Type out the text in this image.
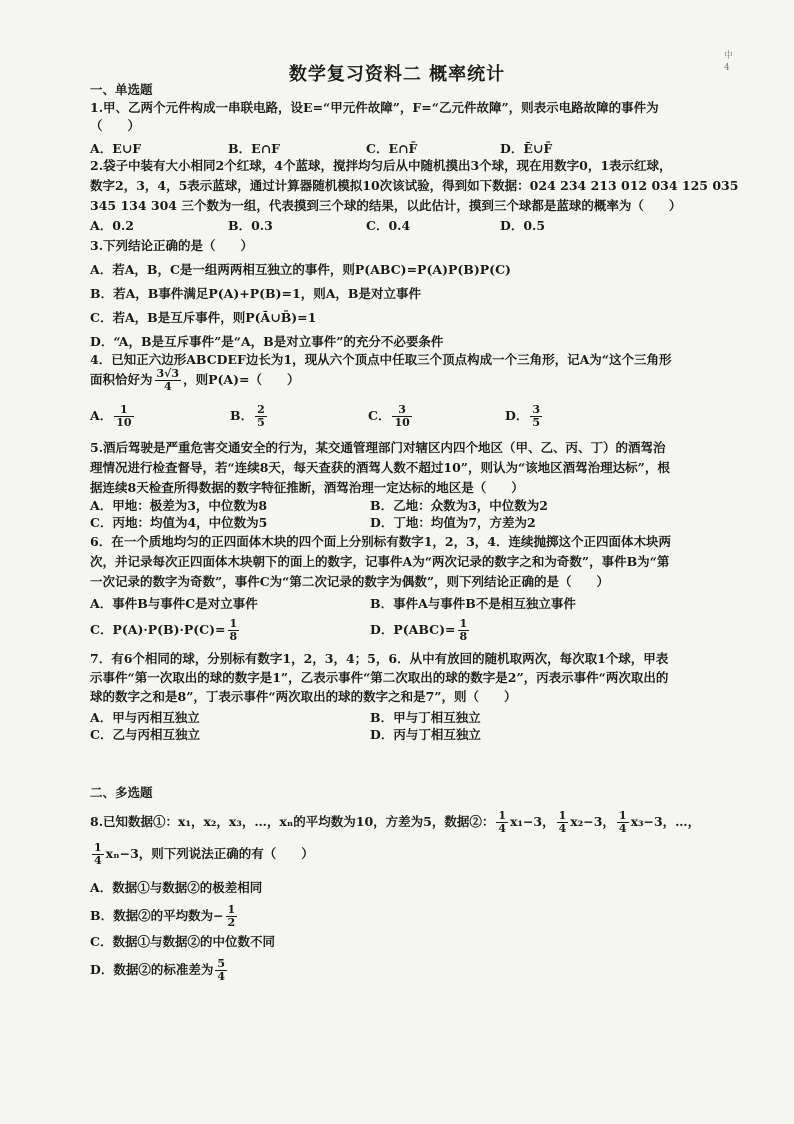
中
4
数学复习资料二 概率统计
一、单选题
1.甲、乙两个元件构成一串联电路，设E=“甲元件故障”，F=“乙元件故障”，则表示电路故障的事件为
（　　）
A．E∪F	B．E∩F	C．E∩F̄	D．Ē∪F̄
2.袋子中装有大小相同2个红球，4个蓝球，搅拌均匀后从中随机摸出3个球，现在用数字0，1表示红球，
数字2，3，4，5表示蓝球，通过计算器随机模拟10次该试验，得到如下数据：024 234 213 012 034 125 035
345 134 304 三个数为一组，代表摸到三个球的结果，以此估计，摸到三个球都是蓝球的概率为（　　）
A．0.2	B．0.3	C．0.4	D．0.5
3.下列结论正确的是（　　）
A．若A，B，C是一组两两相互独立的事件，则P(ABC)=P(A)P(B)P(C)
B．若A，B事件满足P(A)+P(B)=1，则A，B是对立事件
C．若A，B是互斥事件，则P(Ā∪B̄)=1
D．“A，B是互斥事件”是“A，B是对立事件”的充分不必要条件
4．已知正六边形ABCDEF边长为1，现从六个顶点中任取三个顶点构成一个三角形，记A为“这个三角形
面积恰好为 $\frac{3√3}{4}$ ，则P(A)=（　　）
A． $\frac{1}{10}$	B． $\frac{2}{5}$	C． $\frac{3}{10}$	D． $\frac{3}{5}$
5.酒后驾驶是严重危害交通安全的行为，某交通管理部门对辖区内四个地区（甲、乙、丙、丁）的酒驾治
理情况进行检查督导，若“连续8天，每天查获的酒驾人数不超过10”，则认为“该地区酒驾治理达标”，根
据连续8天检查所得数据的数字特征推断，酒驾治理一定达标的地区是（　　）
A．甲地：极差为3，中位数为8	B．乙地：众数为3，中位数为2
C．丙地：均值为4，中位数为5	D．丁地：均值为7，方差为2
6．在一个质地均匀的正四面体木块的四个面上分别标有数字1，2，3，4．连续抛掷这个正四面体木块两
次，并记录每次正四面体木块朝下的面上的数字，记事件A为“两次记录的数字之和为奇数”，事件B为“第
一次记录的数字为奇数”，事件C为“第二次记录的数字为偶数”，则下列结论正确的是（　　）
A．事件B与事件C是对立事件	B．事件A与事件B不是相互独立事件
C．$P(A)\cdot P(B)\cdot P(C)= \frac{1}{8}$	D．$P(ABC)= \frac{1}{8}$
7．有6个相同的球，分别标有数字1，2，3，4；5，6．从中有放回的随机取两次，每次取1个球，甲表
示事件“第一次取出的球的数字是1”，乙表示事件“第二次取出的球的数字是2”，丙表示事件“两次取出的
球的数字之和是8”，丁表示事件“两次取出的球的数字之和是7”，则（　　）
A．甲与丙相互独立	B．甲与丁相互独立
C．乙与丙相互独立	D．丙与丁相互独立
二、多选题
8.已知数据①：x₁，x₂，x₃，…，xₙ的平均数为10，方差为5，数据②： $\frac{1}{4} x_1-3$， $\frac{1}{4} x_2-3$， $\frac{1}{4} x_3-3$，…，
$\frac{1}{4} x_n-3$，则下列说法正确的有（　　）
A．数据①与数据②的极差相同
B．数据②的平均数为− $\frac{1}{2}$
C．数据①与数据②的中位数不同
D．数据②的标准差为 $\frac{5}{4}$
